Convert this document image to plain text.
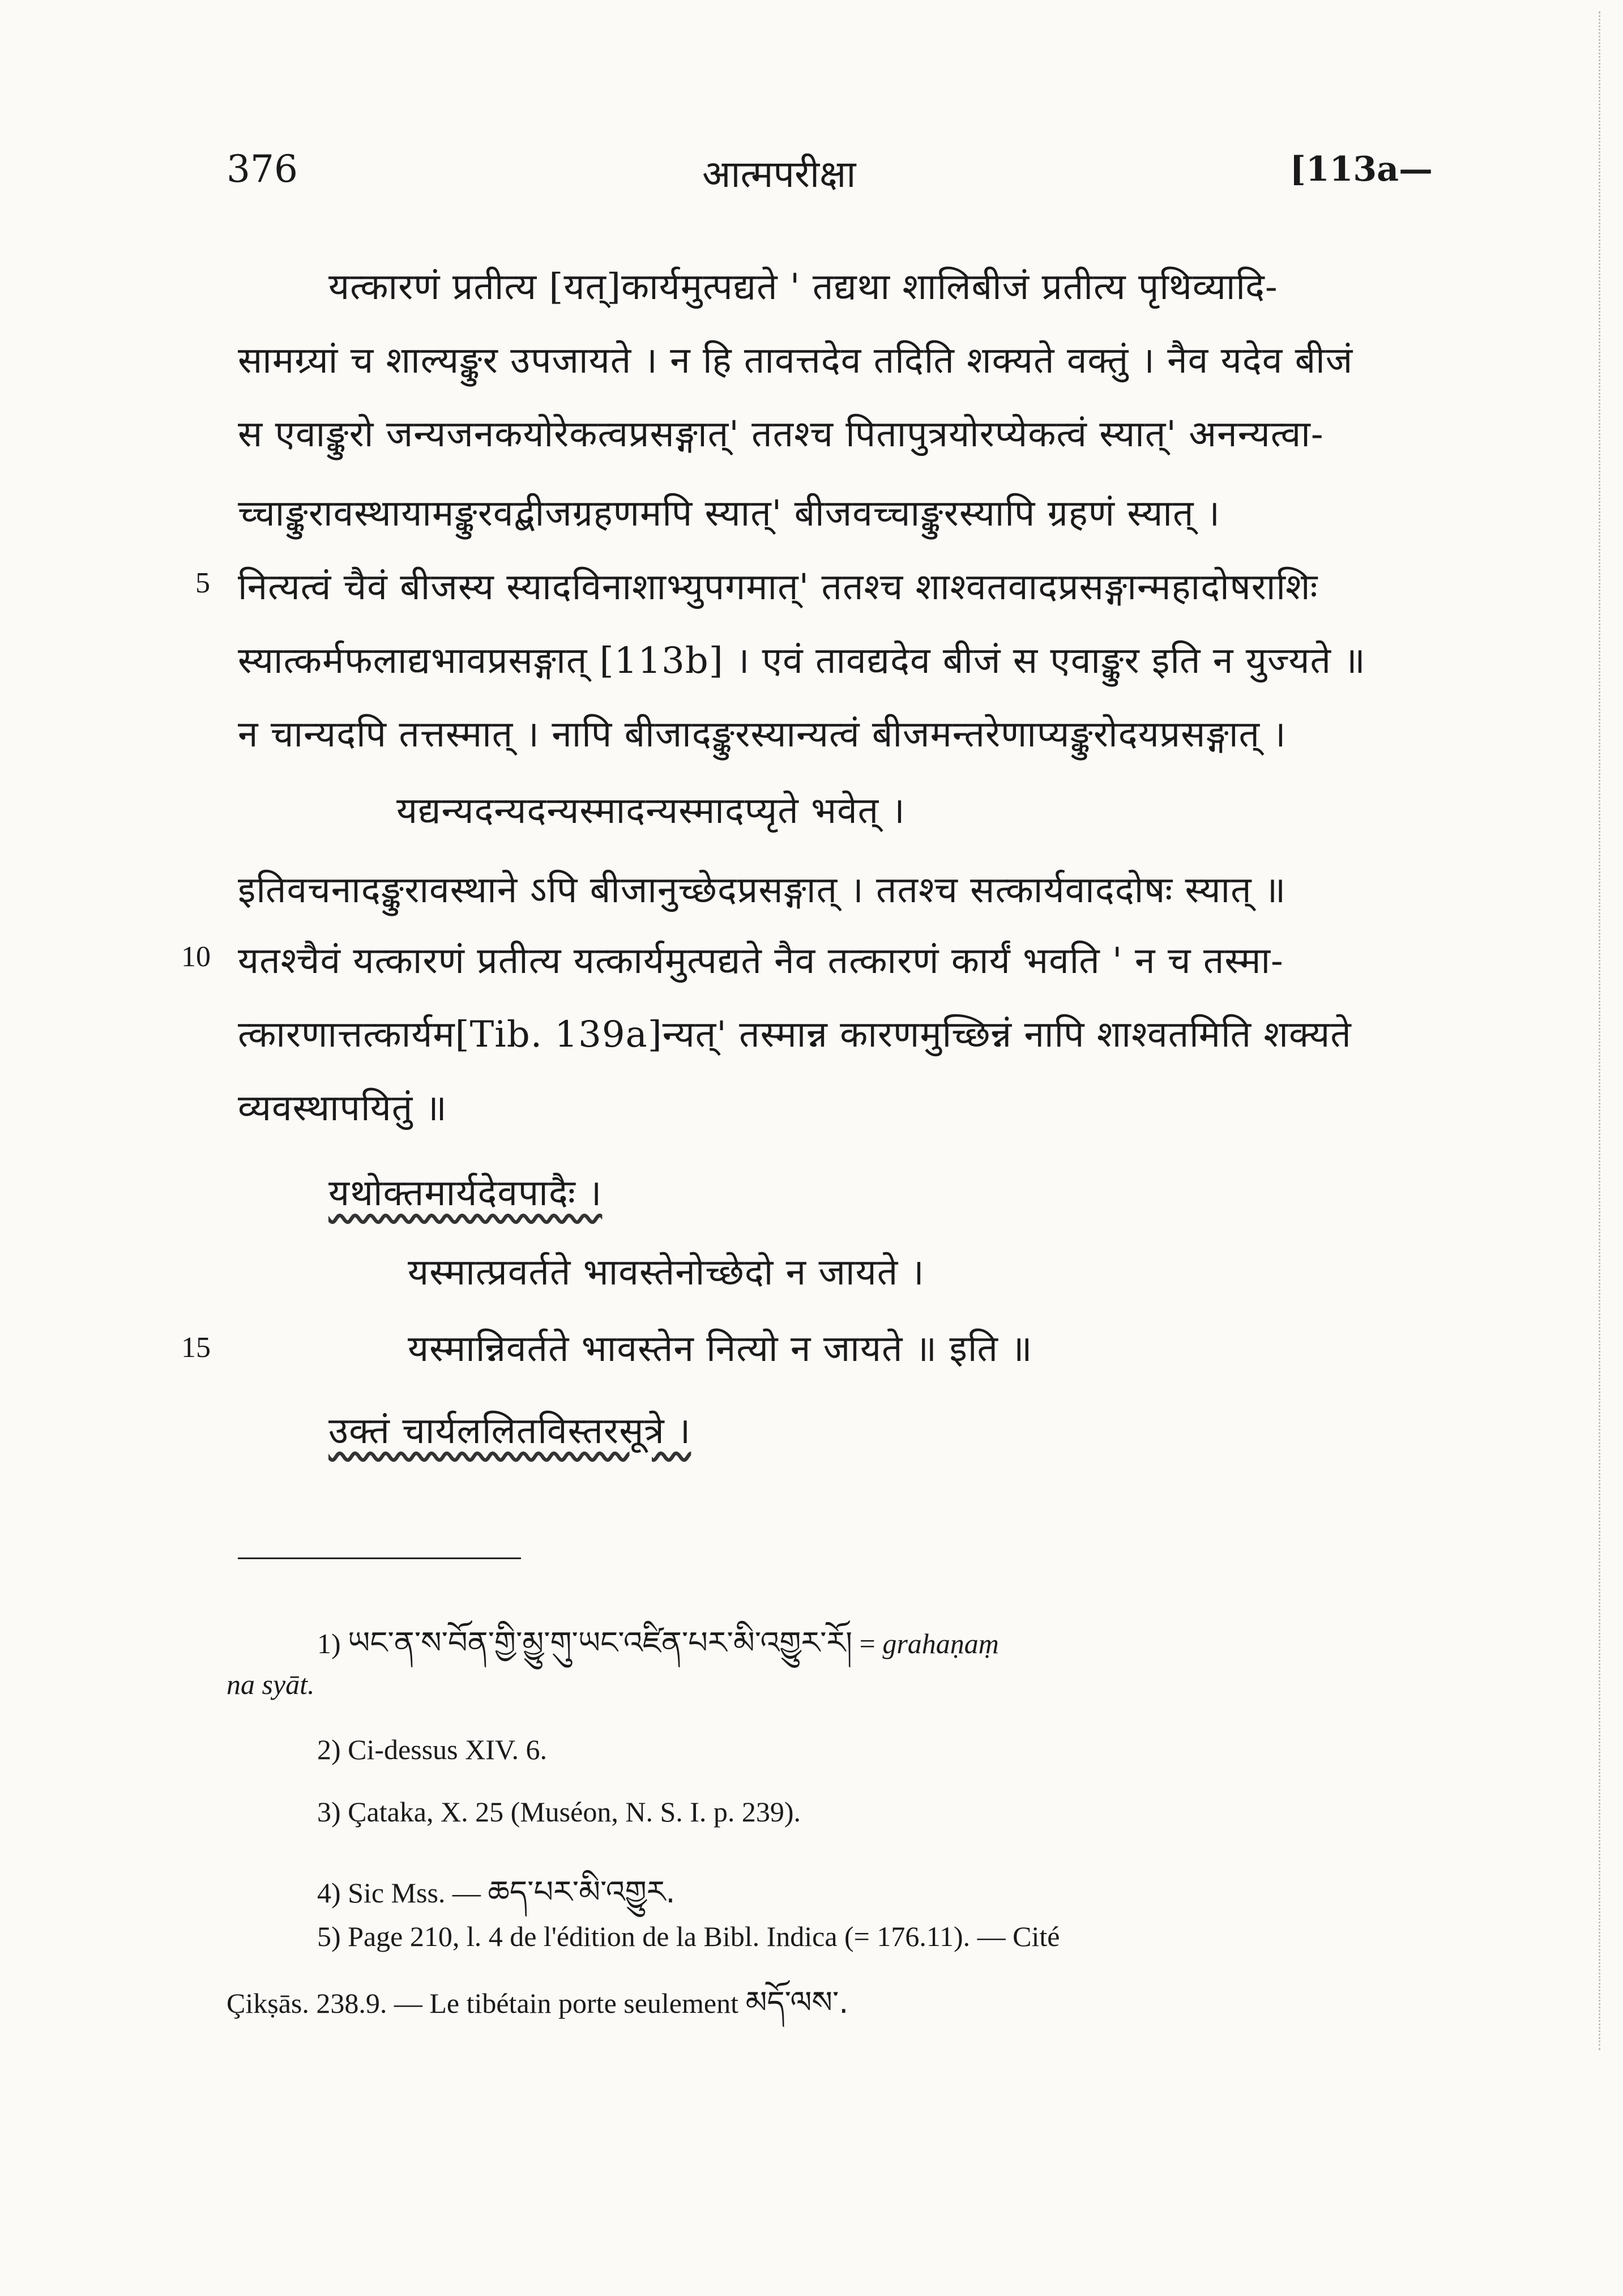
376	आत्मपरीक्षा	[113a—
यत्कारणं प्रतीत्य [यत्]कार्यमुत्पद्यते ' तद्यथा शालिबीजं प्रतीत्य पृथिव्यादि-
सामग्र्यां च शाल्यङ्कुर उपजायते । न हि तावत्तदेव तदिति शक्यते वक्तुं । नैव यदेव बीजं
स एवाङ्कुरो जन्यजनकयोरेकत्वप्रसङ्गात्' ततश्च पितापुत्रयोरप्येकत्वं स्यात्' अनन्यत्वा-
च्चाङ्कुरावस्थायामङ्कुरवद्बीजग्रहणमपि स्यात्' बीजवच्चाङ्कुरस्यापि ग्रहणं स्यात् ।
5 नित्यत्वं चैवं बीजस्य स्यादविनाशाभ्युपगमात्' ततश्च शाश्वतवादप्रसङ्गान्महादोषराशिः
स्यात्कर्मफलाद्यभावप्रसङ्गात् [113b] । एवं तावद्यदेव बीजं स एवाङ्कुर इति न युज्यते ॥
न चान्यदपि तत्तस्मात् । नापि बीजादङ्कुरस्यान्यत्वं बीजमन्तरेणाप्यङ्कुरोदयप्रसङ्गात् ।
यद्यन्यदन्यदन्यस्मादन्यस्मादप्यृते भवेत् ।
इतिवचनादङ्कुरावस्थाने ऽपि बीजानुच्छेदप्रसङ्गात् । ततश्च सत्कार्यवाददोषः स्यात् ॥
10 यतश्चैवं यत्कारणं प्रतीत्य यत्कार्यमुत्पद्यते नैव तत्कारणं कार्यं भवति ' न च तस्मा-
त्कारणात्तत्कार्यम[Tib. 139a]न्यत्' तस्मान्न कारणमुच्छिन्नं नापि शाश्वतमिति शक्यते
व्यवस्थापयितुं ॥
यथोक्तमार्यदेवपादैः ।
यस्मात्प्रवर्तते भावस्तेनोच्छेदो न जायते ।
15	यस्मान्निवर्तते भावस्तेन नित्यो न जायते ॥ इति ॥
उक्तं चार्यललितविस्तरसूत्रे ।
1) ཡང་ན་ས་བོན་གྱི་མྱུ་གུ་ཡང་འཛིན་པར་མི་འགྱུར་རོ། = grahaṇaṃ
na syāt.
2) Ci-dessus XIV. 6.
3) Çataka, X. 25 (Muséon, N. S. I. p. 239).
4) Sic Mss. — ཆད་པར་མི་འགྱུར.
5) Page 210, l. 4 de l'édition de la Bibl. Indica (= 176.11). — Cité
Çikṣās. 238.9. — Le tibétain porte seulement མདོ་ལས་.
